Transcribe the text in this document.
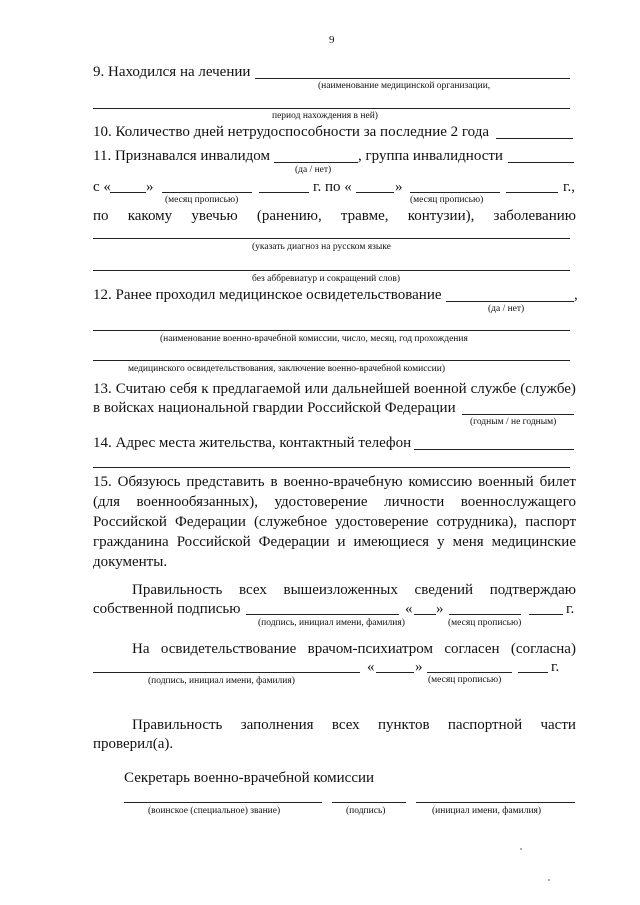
9
9. Находился на лечении
(наименование медицинской организации,
период нахождения в ней)
10. Количество дней нетрудоспособности за последние 2 года
11. Признавался инвалидом	, группа инвалидности
(да / нет)
с « »	г. по «	»	г.,
(месяц прописью)	(месяц прописью)
по какому увечью (ранению, травме, контузии), заболеванию
(указать диагноз на русском языке
без аббревиатур и сокращений слов)
12. Ранее проходил медицинское освидетельствование	,
(да / нет)
(наименование военно-врачебной комиссии, число, месяц, год прохождения
медицинского освидетельствования, заключение военно-врачебной комиссии)
13. Считаю себя к предлагаемой или дальнейшей военной службе (службе)
в войсках национальной гвардии Российской Федерации
(годным / не годным)
14. Адрес места жительства, контактный телефон
15. Обязуюсь представить в военно-врачебную комиссию военный билет
(для военнообязанных), удостоверение личности военнослужащего
Российской Федерации (служебное удостоверение сотрудника), паспорт
гражданина Российской Федерации и имеющиеся у меня медицинские
документы.
Правильность всех вышеизложенных сведений подтверждаю
собственной подписью	« »	г.
(подпись, инициал имени, фамилия)	(месяц прописью)
На освидетельствование врачом-психиатром согласен (согласна)
«	»	г.
(подпись, инициал имени, фамилия)	(месяц прописью)
Правильность заполнения всех пунктов паспортной части
проверил(а).
Секретарь военно-врачебной комиссии
(воинское (специальное) звание)	(подпись)	(инициал имени, фамилия)
